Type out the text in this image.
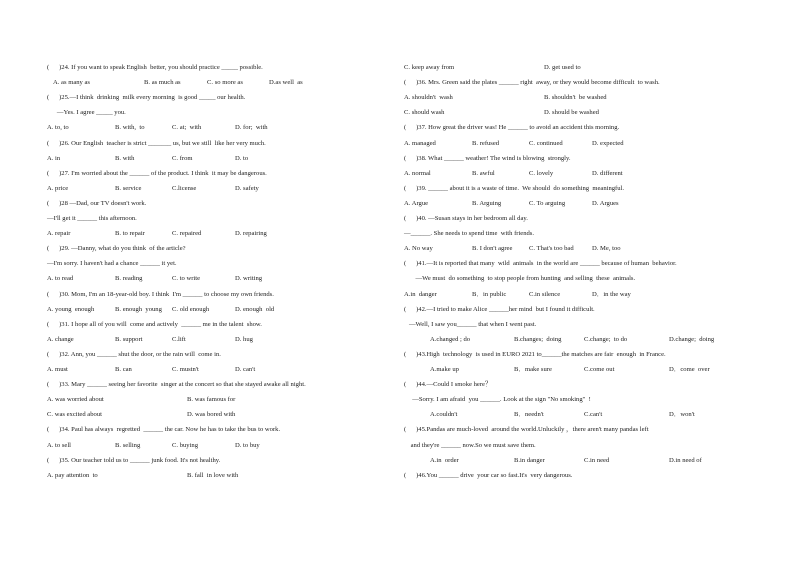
(      )24. If you want to speak English  better, you should practice _____ possible.
A. as many as	B. as much as	C. so more as	D.as well  as
(      )25.—I think  drinking  milk every morning  is good _____ our health.
—Yes. I agree _____ you.
A. to, to	B. with,  to	C. at;  with	D. for;  with
(      )26. Our English  teacher is strict _______ us, but we still  like her very much.
A. in	B. with	C. from	D. to
(      )27. I'm worried about the ______ of the product. I think  it may be dangerous.
A. price	B. service	C.license	D. safety
(      )28 —Dad, our TV doesn't work.
—I'll get it ______ this afternoon.
A. repair	B. to repair	C. repaired	D. repairing
(      )29. —Danny, what do you think  of the article?
—I'm sorry. I haven't had a chance ______ it yet.
A. to read	B. reading	C. to write	D. writing
(      )30. Mom, I'm an 18-year-old boy. I think  I'm ______ to choose my own friends.
A. young  enough	B. enough  young C. old enough	D. enough  old
(      )31. I hope all of you will  come and actively  ______ me in the talent  show.
A. change	B. support	C.lift	D. hug
(      )32. Ann, you ______ shut the door, or the rain will  come in.
A. must	B. can	C. mustn't	D. can't
(      )33. Mary ______ seeing her favorite  singer at the concert so that she stayed awake all night.
A. was worried about	B. was famous for
C. was excited about	D. was bored with
(      )34. Paul has always  regretted  ______ the car. Now he has to take the bus to work.
A. to sell	B. selling	C. buying	D. to buy
(      )35. Our teacher told us to ______ junk food. It's not healthy.
A. pay attention  to	B. fall  in love with
C. keep away from	D. get used to
(      )36. Mrs. Green said the plates ______ right  away, or they would become difficult  to wash.
A. shouldn't  wash	B. shouldn't  be washed
C. should wash	D. should be washed
(      )37. How great the driver was! He ______ to avoid an accident this morning.
A. managed	B. refused	C. continued	D. expected
(      )38. What ______ weather! The wind is blowing  strongly.
A. normal	B. awful	C. lovely	D. different
(      )39. ______ about it is a waste of time.  We should  do something  meaningful.
A. Argue	B. Arguing	C. To arguing	D. Argues
(      )40. —Susan stays in her bedroom all day.
—______. She needs to spend time  with friends.
A. No way	B. I don't agree	C. That's too bad	D. Me, too
(      )41.—It is reported that many  wild  animals  in the world are ______ because of human  behavior.
—We must  do something  to stop people from hunting  and selling  these  animals.
A.in  danger	B．in public	C.in silence	D．in the way
(      )42.—I tried to make Alice ______her mind  but I found it difficult.
—Well, I saw you______ that when I went past.
A.changed ; do	B.changes;  doing	C.change;  to do	D.change;  doing
(      )43.High  technology  is used in EURO 2021 to______the matches are fair  enough  in France.
A.make up	B．make sure	C.come out	D．come  over
(      )44.—Could I smoke here？
—Sorry. I am afraid  you ______. Look at the sign "No smoking"  !
A.couldn't	B．needn't	C.can't	D．won't
(      )45.Pandas are much-loved  around the world.Unluckily ，there aren't many pandas left
and they're ______ now.So we must save them.
A.in  order	B.in danger	C.in need	D.in need of
(      )46.You ______ drive  your car so fast.It's  very dangerous.
